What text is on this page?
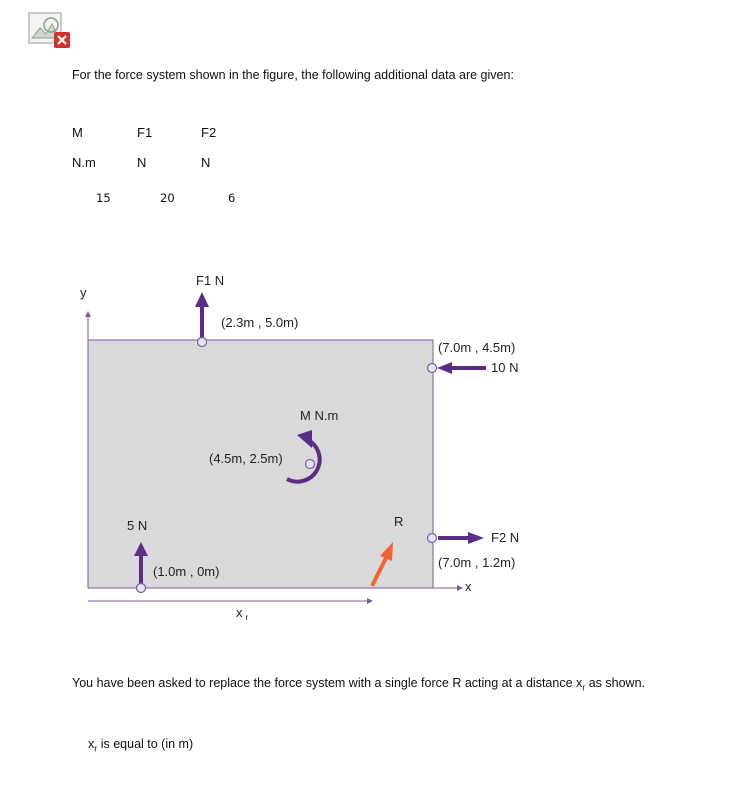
For the force system shown in the figure, the following additional data are given:
M	F1	F2
N.m	N	N
15	20	6
y
x
F1 N
(2.3m , 5.0m)
(7.0m , 4.5m)
10 N
M N.m
(4.5m, 2.5m)
5 N
(1.0m , 0m)
R
F2 N
(7.0m , 1.2m)
x $_r$
You have been asked to replace the force system with a single force R acting at a distance $x_r$ as shown.
$x_r$ is equal to (in m)
